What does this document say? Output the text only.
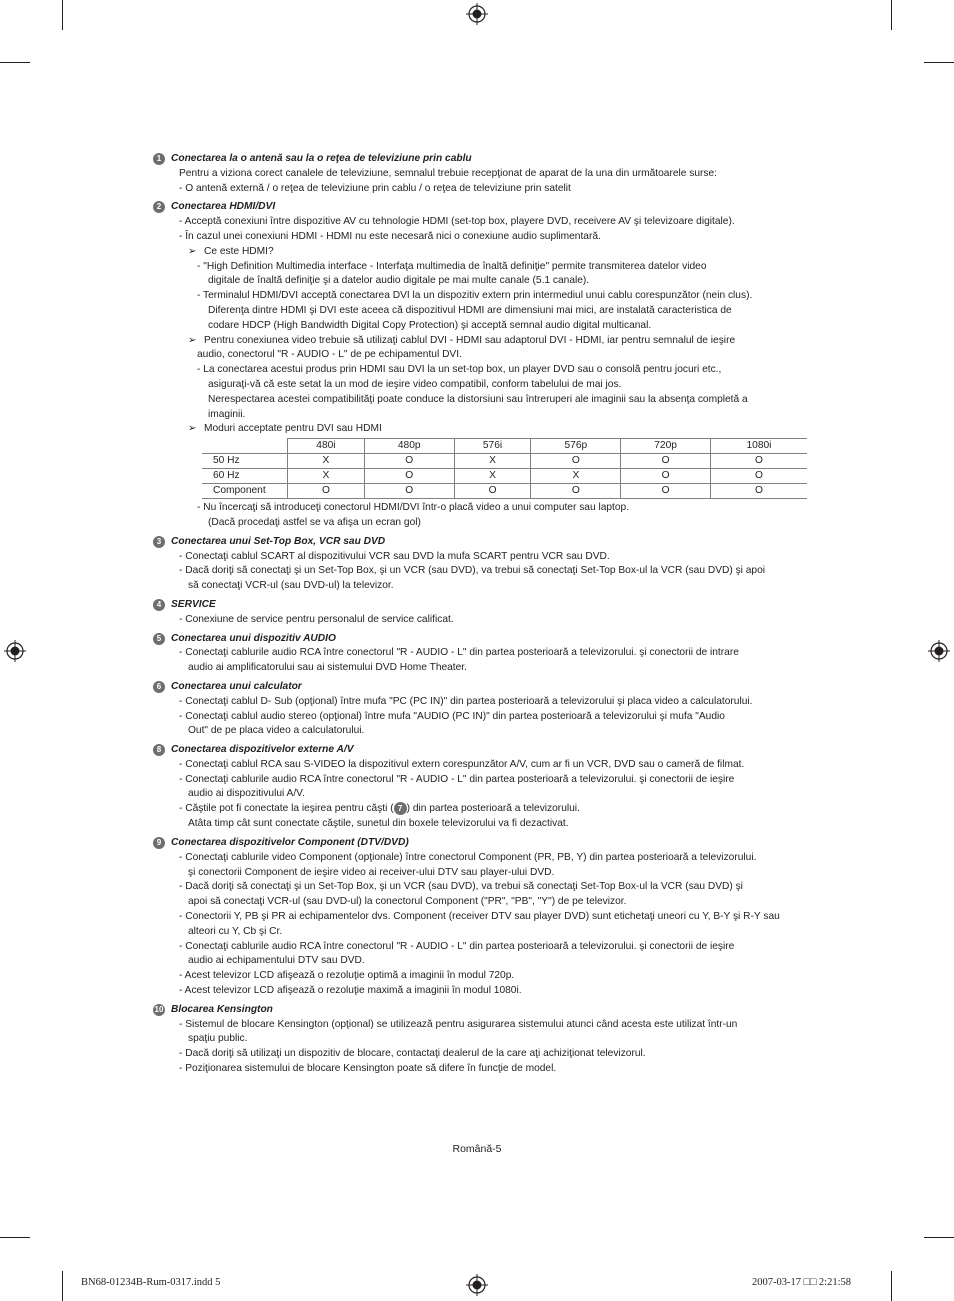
1 Conectarea la o antenă sau la o reţea de televiziune prin cablu
Pentru a viziona corect canalele de televiziune, semnalul trebuie recepţionat de aparat de la una din următoarele surse:
- O antenă externă / o reţea de televiziune prin cablu / o reţea de televiziune prin satelit
2 Conectarea HDMI/DVI
- Acceptă conexiuni între dispozitive AV cu tehnologie HDMI (set-top box, playere DVD, receivere AV şi televizoare digitale).
- În cazul unei conexiuni HDMI - HDMI nu este necesară nici o conexiune audio suplimentară.
➢ Ce este HDMI?
- "High Definition Multimedia interface - Interfaţa multimedia de înaltă definiţie" permite transmiterea datelor video
digitale de înaltă definiţie şi a datelor audio digitale pe mai multe canale (5.1 canale).
- Terminalul HDMI/DVI acceptă conectarea DVI la un dispozitiv extern prin intermediul unui cablu corespunzător (nein clus).
Diferenţa dintre HDMI şi DVI este aceea că dispozitivul HDMI are dimensiuni mai mici, are instalată caracteristica de
codare HDCP (High Bandwidth Digital Copy Protection) şi acceptă semnal audio digital multicanal.
➢ Pentru conexiunea video trebuie să utilizaţi cablul DVI - HDMI sau adaptorul DVI - HDMI, iar pentru semnalul de ieşire
audio, conectorul "R - AUDIO - L" de pe echipamentul DVI.
- La conectarea acestui produs prin HDMI sau DVI la un set-top box, un player DVD sau o consolă pentru jocuri etc.,
asiguraţi-vă că este setat la un mod de ieşire video compatibil, conform tabelului de mai jos.
Nerespectarea acestei compatibilităţi poate conduce la distorsiuni sau întreruperi ale imaginii sau la absenţa completă a
imaginii.
➢ Moduri acceptate pentru DVI sau HDMI
	480i	480p	576i	576p	720p	1080i
50 Hz	X	O	X	O	O	O
60 Hz	X	O	X	X	O	O
Component	O	O	O	O	O	O
- Nu încercaţi să introduceţi conectorul HDMI/DVI într-o placă video a unui computer sau laptop.
(Dacă procedaţi astfel se va afişa un ecran gol)
3 Conectarea unui Set-Top Box, VCR sau DVD
- Conectaţi cablul SCART al dispozitivului VCR sau DVD la mufa SCART pentru VCR sau DVD.
- Dacă doriţi să conectaţi şi un Set-Top Box, şi un VCR (sau DVD), va trebui să conectaţi Set-Top Box-ul la VCR (sau DVD) şi apoi
să conectaţi VCR-ul (sau DVD-ul) la televizor.
4 SERVICE
- Conexiune de service pentru personalul de service calificat.
5 Conectarea unui dispozitiv AUDIO
- Conectaţi cablurile audio RCA între conectorul "R - AUDIO - L" din partea posterioară a televizorului. şi conectorii de intrare
audio ai amplificatorului sau ai sistemului DVD Home Theater.
6 Conectarea unui calculator
- Conectaţi cablul D- Sub (opţional) între mufa "PC (PC IN)" din partea posterioară a televizorului şi placa video a calculatorului.
- Conectaţi cablul audio stereo (opţional) între mufa "AUDIO (PC IN)" din partea posterioară a televizorului şi mufa "Audio
Out" de pe placa video a calculatorului.
8 Conectarea dispozitivelor externe A/V
- Conectaţi cablul RCA sau S-VIDEO la dispozitivul extern corespunzător A/V, cum ar fi un VCR, DVD sau o cameră de filmat.
- Conectaţi cablurile audio RCA între conectorul "R - AUDIO - L" din partea posterioară a televizorului. şi conectorii de ieşire
audio ai dispozitivului A/V.
- Căştile pot fi conectate la ieşirea pentru căşti ( 7 ) din partea posterioară a televizorului.
Atâta timp cât sunt conectate căştile, sunetul din boxele televizorului va fi dezactivat.
9 Conectarea dispozitivelor Component (DTV/DVD)
- Conectaţi cablurile video Component (opţionale) între conectorul Component (PR, PB, Y) din partea posterioară a televizorului.
şi conectorii Component de ieşire video ai receiver-ului DTV sau player-ului DVD.
- Dacă doriţi să conectaţi şi un Set-Top Box, şi un VCR (sau DVD), va trebui să conectaţi Set-Top Box-ul la VCR (sau DVD) şi
apoi să conectaţi VCR-ul (sau DVD-ul) la conectorul Component ("PR", "PB", "Y") de pe televizor.
- Conectorii Y, PB şi PR ai echipamentelor dvs. Component (receiver DTV sau player DVD) sunt etichetaţi uneori cu Y, B-Y şi R-Y sau
alteori cu Y, Cb şi Cr.
- Conectaţi cablurile audio RCA între conectorul "R - AUDIO - L" din partea posterioară a televizorului. şi conectorii de ieşire
audio ai echipamentului DTV sau DVD.
- Acest televizor LCD afişează o rezoluţie optimă a imaginii în modul 720p.
- Acest televizor LCD afişează o rezoluţie maximă a imaginii în modul 1080i.
10 Blocarea Kensington
- Sistemul de blocare Kensington (opţional) se utilizează pentru asigurarea sistemului atunci când acesta este utilizat într-un
spaţiu public.
- Dacă doriţi să utilizaţi un dispozitiv de blocare, contactaţi dealerul de la care aţi achiziţionat televizorul.
- Poziţionarea sistemului de blocare Kensington poate să difere în funcţie de model.
Română-5
BN68-01234B-Rum-0317.indd 5	2007-03-17 □□ 2:21:58
